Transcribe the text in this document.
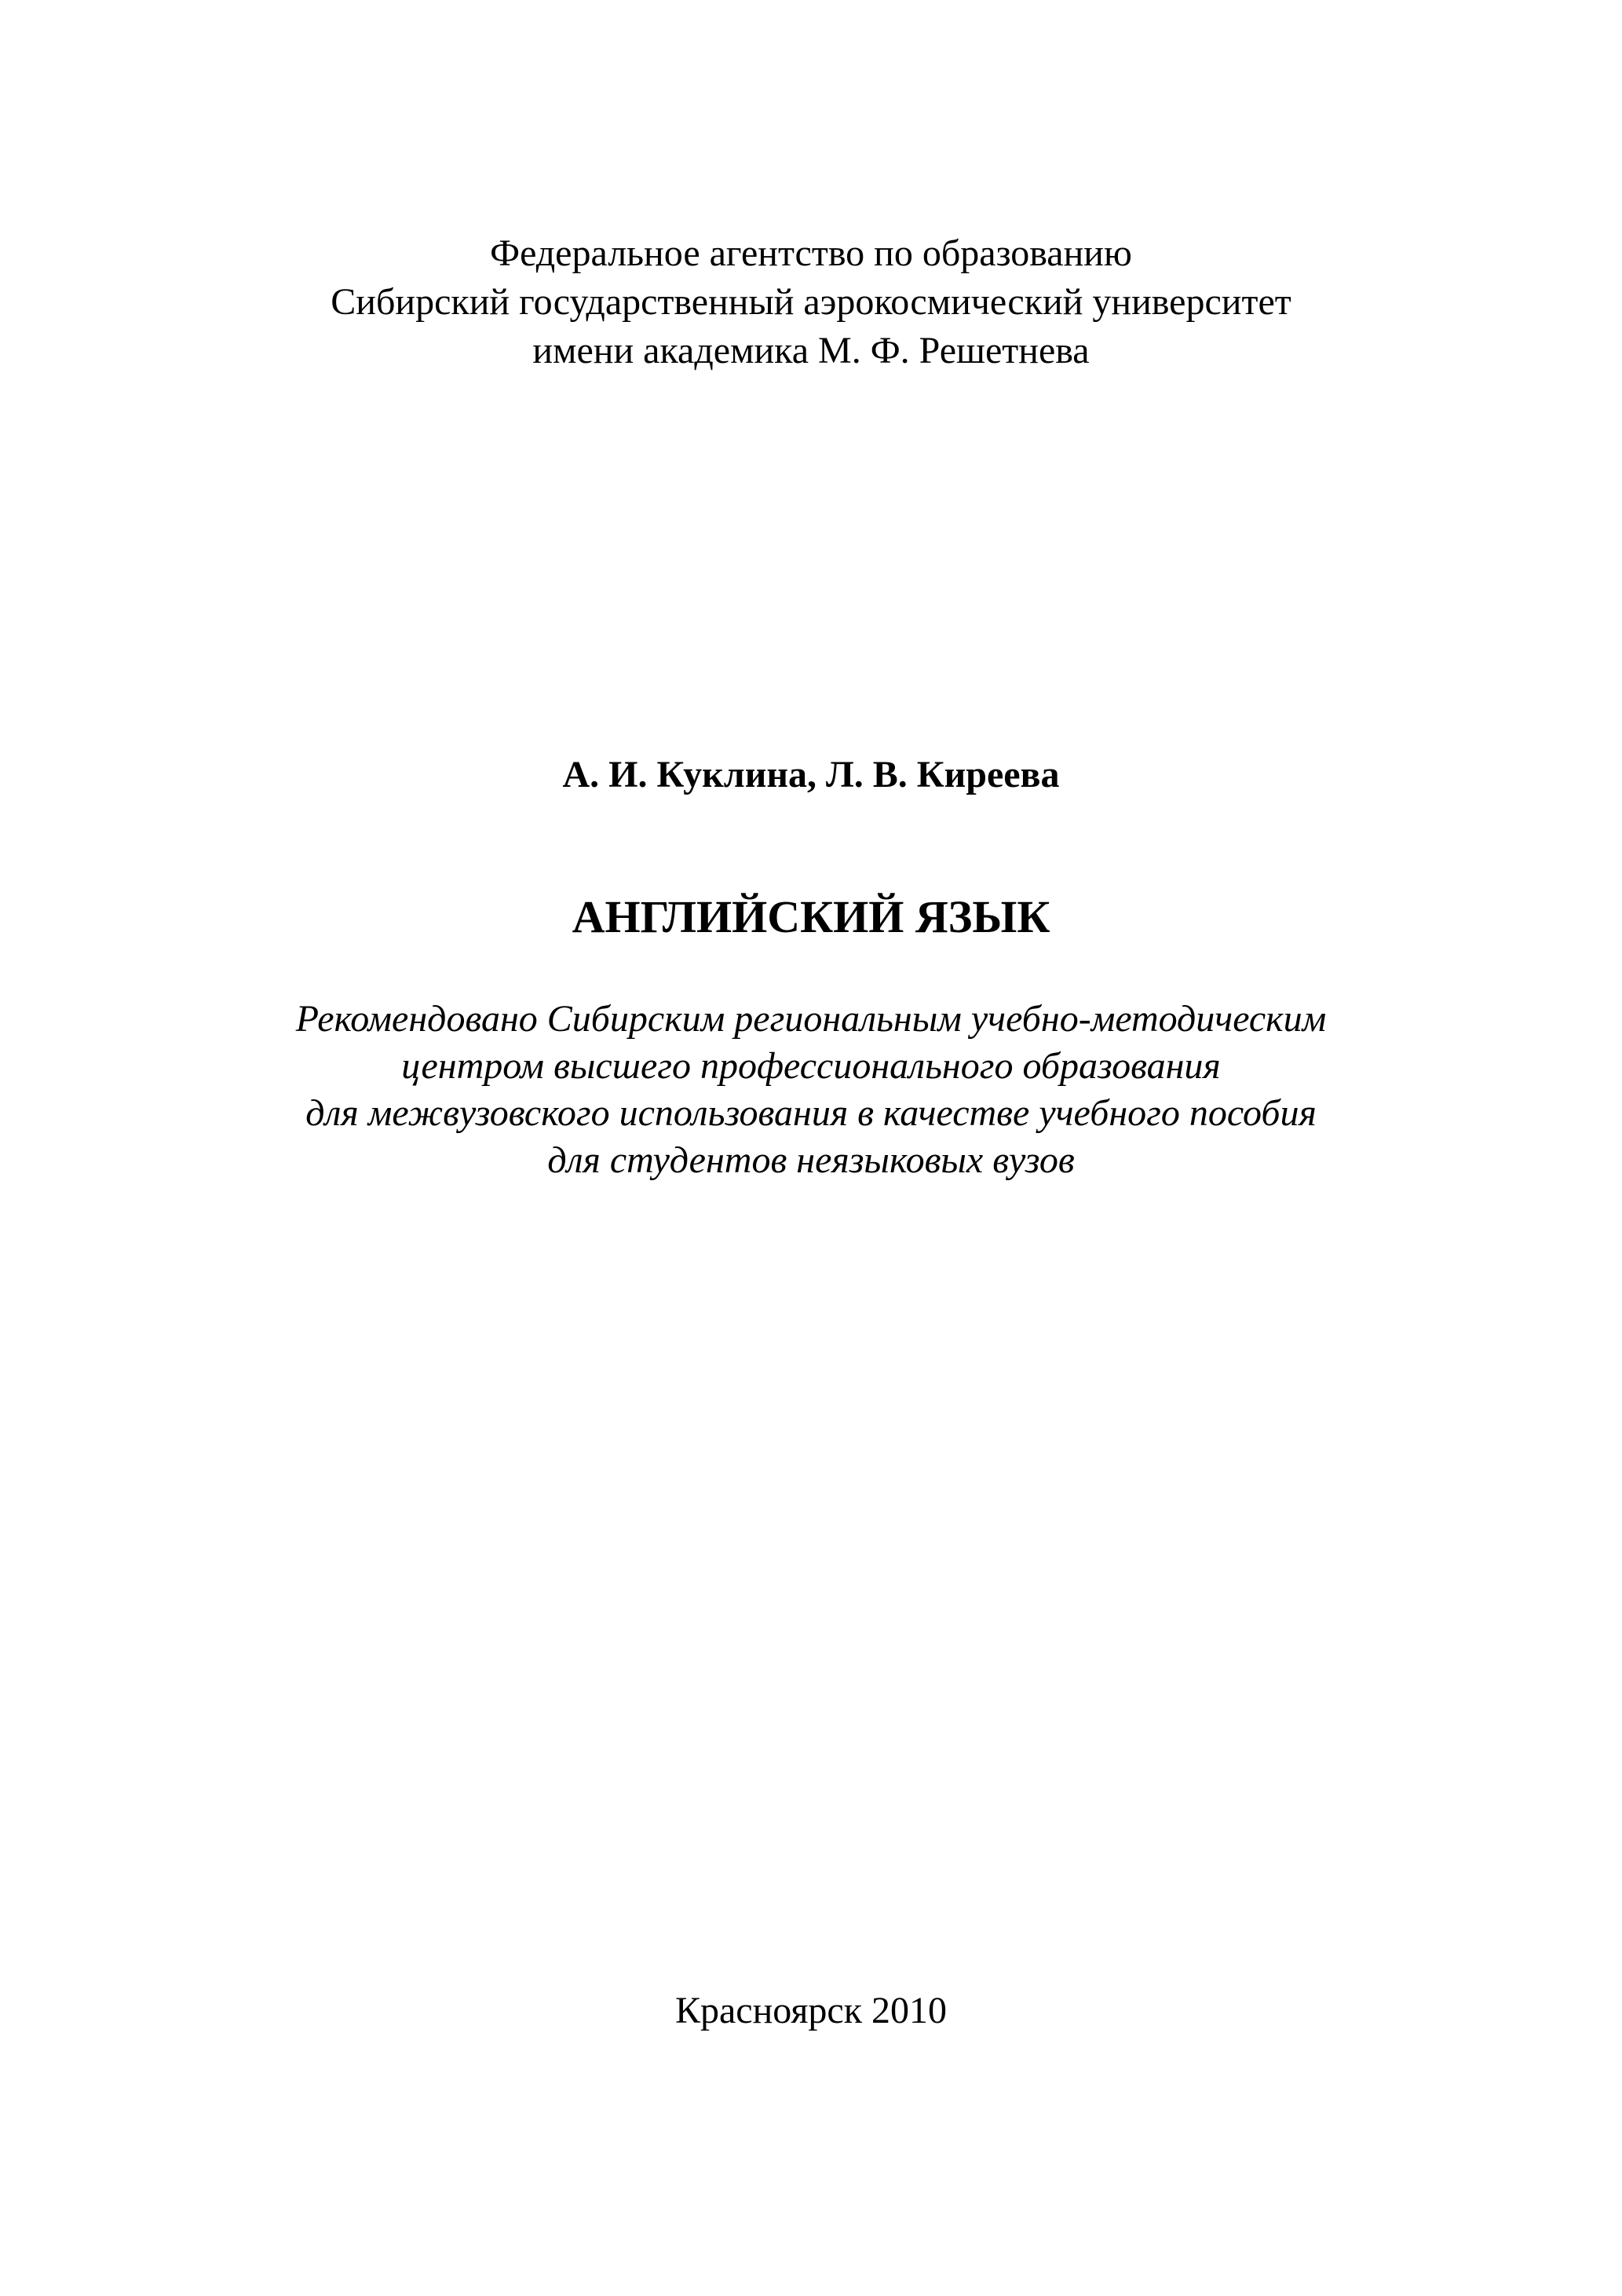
Федеральное агентство по образованию
Сибирский государственный аэрокосмический университет
имени академика М. Ф. Решетнева
А. И. Куклина, Л. В. Киреева
АНГЛИЙСКИЙ ЯЗЫК
Рекомендовано Сибирским региональным учебно-методическим
центром высшего профессионального образования
для межвузовского использования в качестве учебного пособия
для студентов неязыковых вузов
Красноярск 2010
